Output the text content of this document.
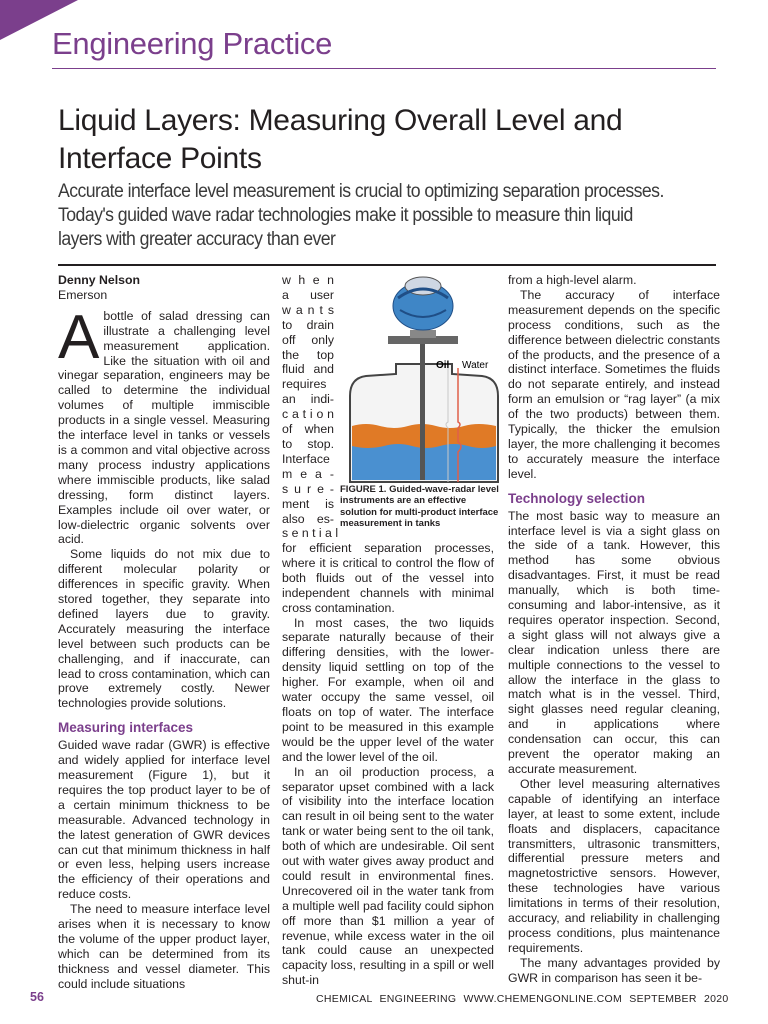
Engineering Practice
Liquid Layers: Measuring Overall Level and Interface Points

Accurate interface level measurement is crucial to optimizing separation processes. Today's guided wave radar technologies make it possible to measure thin liquid layers with greater accuracy than ever

Denny Nelson
Emerson

Abottle of salad dressing can illustrate a challenging level measurement application. Like the situation with oil and vinegar separation, engineers may be called to determine the individual volumes of multiple immiscible products in a single vessel. Measuring the interface level in tanks or vessels is a common and vital objective across many process industry applications where immiscible products, like salad dressing, form distinct layers. Examples include oil over water, or low-dielectric organic solvents over acid.

Some liquids do not mix due to different molecular polarity or differences in specific gravity. When stored together, they separate into defined layers due to gravity. Accurately measuring the interface level between such products can be challenging, and if inaccurate, can lead to cross contamination, which can prove extremely costly. Newer technologies provide solutions.

Measuring interfaces

Guided wave radar (GWR) is effective and widely applied for interface level measurement (Figure 1), but it requires the top product layer to be of a certain minimum thickness to be measurable. Advanced technology in the latest generation of GWR devices can cut that minimum thickness in half or even less, helping users increase the efficiency of their operations and reduce costs.

The need to measure interface level arises when it is necessary to know the volume of the upper product layer, which can be determined from its thickness and vessel diameter. This could include situations

w h e n
a user
w a n t s
to drain
off only
the top
fluid and
requires
an indi-
c a t i o n
of when
to stop.
Interface
m e a -
s u r e -
ment is
also es-
s e n t i a l
Oil Water
FIGURE 1. Guided-wave-radar level instruments are an effective solution for multi-product interface measurement in tanks

for efficient separation processes, where it is critical to control the flow of both fluids out of the vessel into independent channels with minimal cross contamination.

In most cases, the two liquids separate naturally because of their differing densities, with the lower-density liquid settling on top of the higher. For example, when oil and water occupy the same vessel, oil floats on top of water. The interface point to be measured in this example would be the upper level of the water and the lower level of the oil.

In an oil production process, a separator upset combined with a lack of visibility into the interface location can result in oil being sent to the water tank or water being sent to the oil tank, both of which are undesirable. Oil sent out with water gives away product and could result in environmental fines. Unrecovered oil in the water tank from a multiple well pad facility could siphon off more than $1 million a year of revenue, while excess water in the oil tank could cause an unexpected capacity loss, resulting in a spill or well shut-in

from a high-level alarm.

The accuracy of interface measurement depends on the specific process conditions, such as the difference between dielectric constants of the products, and the presence of a distinct interface. Sometimes the fluids do not separate entirely, and instead form an emulsion or “rag layer” (a mix of the two products) between them. Typically, the thicker the emulsion layer, the more challenging it becomes to accurately measure the interface level.

Technology selection

The most basic way to measure an interface level is via a sight glass on the side of a tank. However, this method has some obvious disadvantages. First, it must be read manually, which is both time-consuming and labor-intensive, as it requires operator inspection. Second, a sight glass will not always give a clear indication unless there are multiple connections to the vessel to allow the interface in the glass to match what is in the vessel. Third, sight glasses need regular cleaning, and in applications where condensation can occur, this can prevent the operator making an accurate measurement.

Other level measuring alternatives capable of identifying an interface layer, at least to some extent, include floats and displacers, capacitance transmitters, ultrasonic transmitters, differential pressure meters and magnetostrictive sensors. However, these technologies have various limitations in terms of their resolution, accuracy, and reliability in challenging process conditions, plus maintenance requirements.

The many advantages provided by GWR in comparison has seen it be-

56	CHEMICAL ENGINEERING WWW.CHEMENGONLINE.COM SEPTEMBER 2020
